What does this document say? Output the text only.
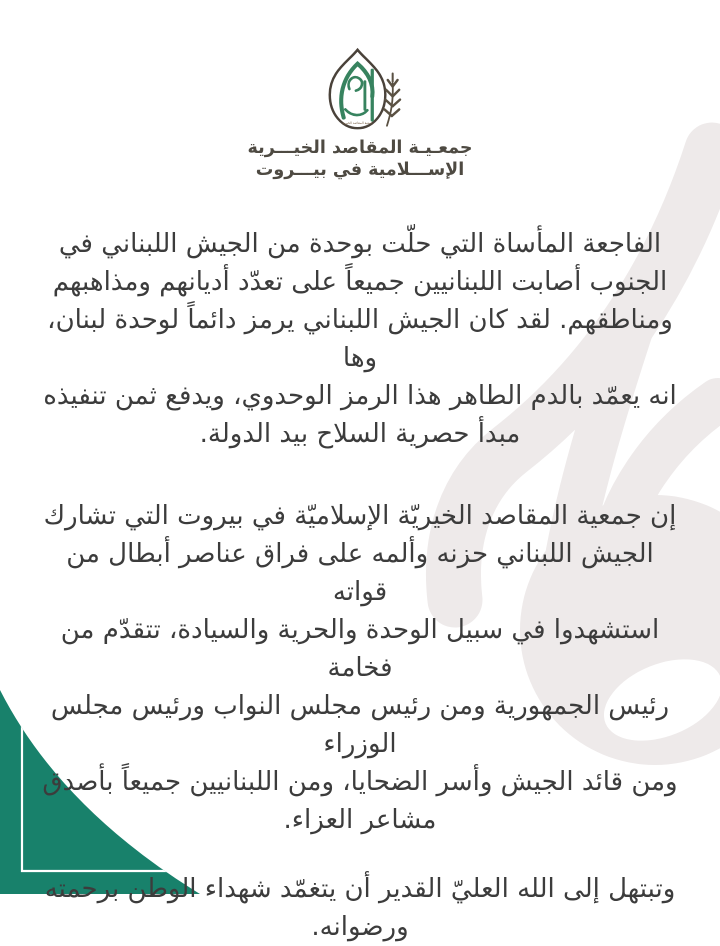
جمعية المقاصد الخيرية
جمعـيـة المقاصد الخيـــرية
الإســـلامية في بيـــروت
الفاجعة المأساة التي حلّت بوحدة من الجيش اللبناني في
الجنوب أصابت اللبنانيين جميعاً على تعدّد أديانهم ومذاهبهم
ومناطقهم. لقد كان الجيش اللبناني يرمز دائماً لوحدة لبنان، وها
انه يعمّد بالدم الطاهر هذا الرمز الوحدوي، ويدفع ثمن تنفيذه
مبدأ حصرية السلاح بيد الدولة.
إن جمعية المقاصد الخيريّة الإسلاميّة في بيروت التي تشارك
الجيش اللبناني حزنه وألمه على فراق عناصر أبطال من قواته
استشهدوا في سبيل الوحدة والحرية والسيادة، تتقدّم من فخامة
رئيس الجمهورية ومن رئيس مجلس النواب ورئيس مجلس الوزراء
ومن قائد الجيش وأسر الضحايا، ومن اللبنانيين جميعاً بأصدق
مشاعر العزاء.
وتبتهل إلى الله العليّ القدير أن يتغمّد شهداء الوطن برحمته
ورضوانه.
